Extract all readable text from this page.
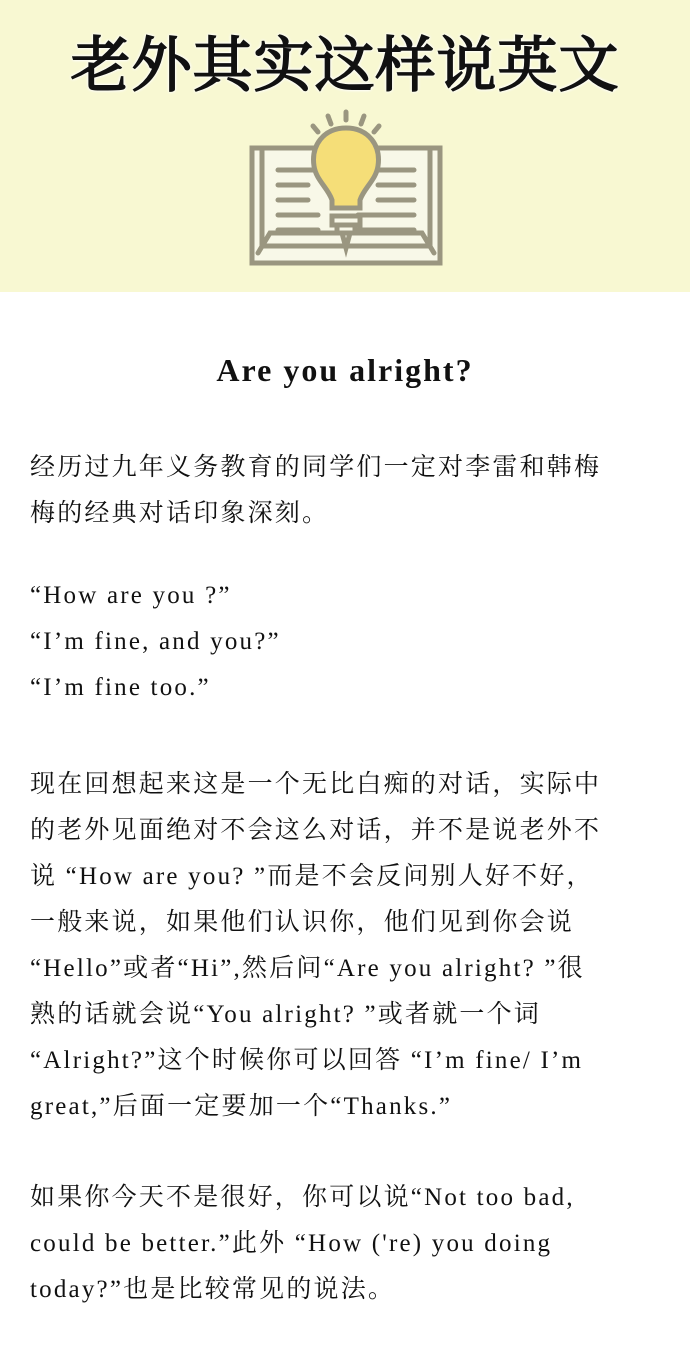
老外其实这样说英文
Are you alright?
经历过九年义务教育的同学们一定对李雷和韩梅
梅的经典对话印象深刻。
“How are you ?”
“I’m fine, and you?”
“I’m fine too.”
现在回想起来这是一个无比白痴的对话，实际中
的老外见面绝对不会这么对话，并不是说老外不
说 “How are you? ”而是不会反问别人好不好，
一般来说，如果他们认识你，他们见到你会说
“Hello”或者“Hi”,然后问“Are you alright? ”很
熟的话就会说“You alright? ”或者就一个词
“Alright?”这个时候你可以回答 “I’m fine/ I’m
great,”后面一定要加一个“Thanks.”
如果你今天不是很好，你可以说“Not too bad,
could be better.”此外 “How ('re) you doing
today?”也是比较常见的说法。
